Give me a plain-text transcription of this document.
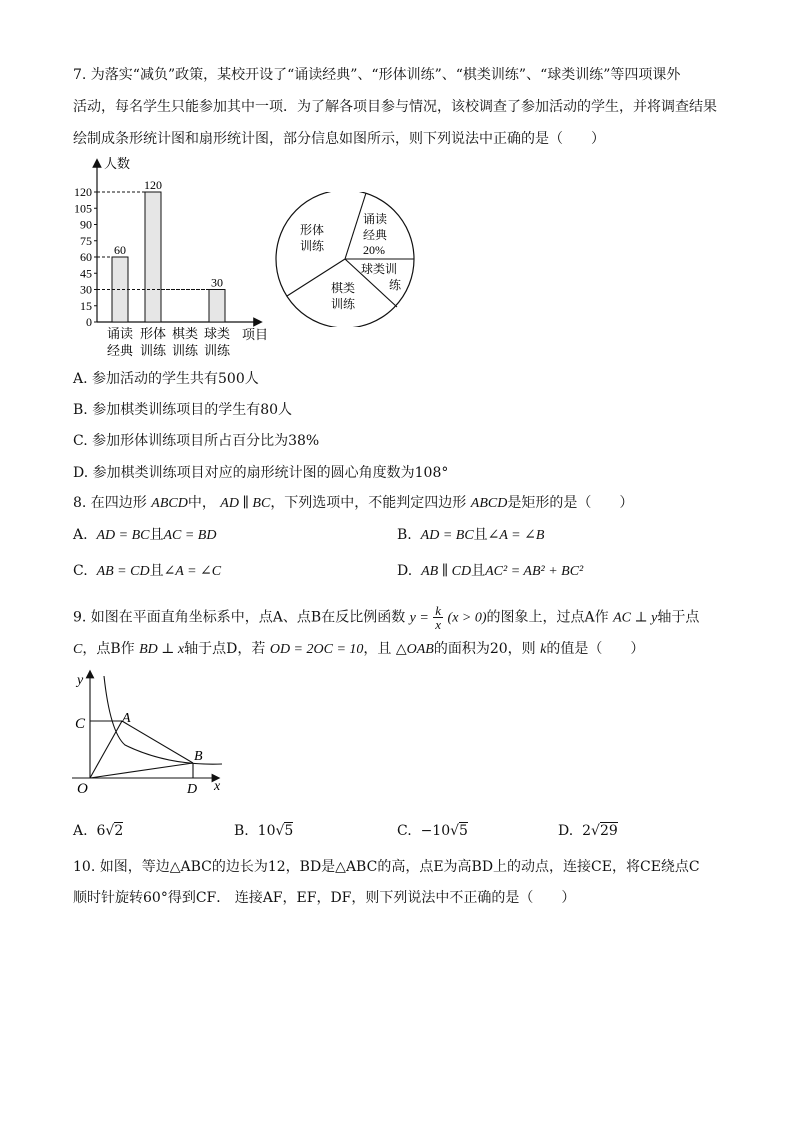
7. 为落实“减负”政策，某校开设了“诵读经典”、“形体训练”、“棋类训练”、“球类训练”等四项课外
活动，每名学生只能参加其中一项．为了解各项目参与情况，该校调查了参加活动的学生，并将调查结果
绘制成条形统计图和扇形统计图，部分信息如图所示，则下列说法中正确的是（　　）
人数
项目
0
15
30
45
60
75
90
105
120
60
120
30
诵读
经典
形体
训练
棋类
训练
球类
训练
诵读
经典
20%
球类训
练
棋类
训练
形体
训练
A. 参加活动的学生共有500人
B. 参加棋类训练项目的学生有80人
C. 参加形体训练项目所占百分比为38%
D. 参加棋类训练项目对应的扇形统计图的圆心角度数为108°
8. 在四边形 ABCD中， AD ∥ BC，下列选项中，不能判定四边形 ABCD是矩形的是（　　）
A. AD = BC且AC = BD	B. AD = BC且∠A = ∠B
C. AB = CD且∠A = ∠C	D. AB ∥ CD且AC² = AB² + BC²
9. 如图在平面直角坐标系中，点A、点B在反比例函数 $y = \frac{k}{x} (x > 0)$的图象上，过点A作 AC ⊥ y轴于点
C，点B作 BD ⊥ x轴于点D，若 OD = 2OC = 10，且 △OAB的面积为20，则 k的值是（　　）
y
x
C	A
B
O	D
A. 6√2	B. 10√5	C. −10√5	D. 2√29
10. 如图，等边△ABC的边长为12，BD是△ABC的高，点E为高BD上的动点，连接CE，将CE绕点C
顺时针旋转60°得到CF． 连接AF，EF，DF，则下列说法中不正确的是（　　）
